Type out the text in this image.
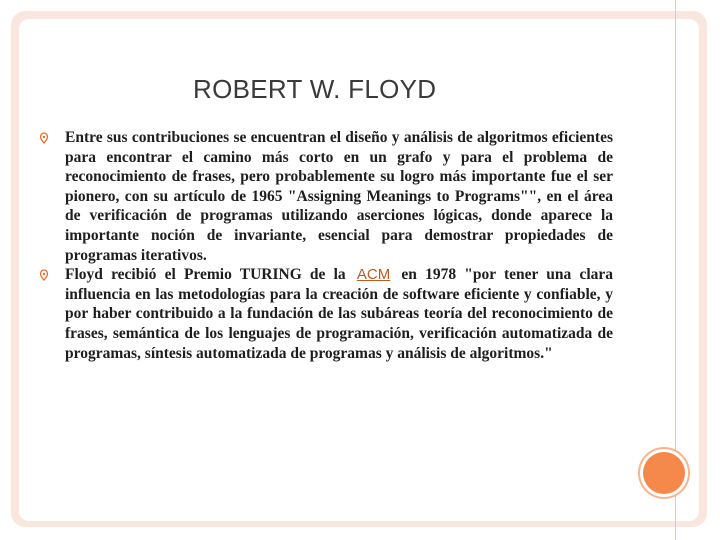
ROBERT W. FLOYD

Entre sus contribuciones se encuentran el diseño y análisis de algoritmos eficientes para encontrar el camino más corto en un grafo y para el problema de reconocimiento de frases, pero probablemente su logro más importante fue el ser pionero, con su artículo de 1965 "Assigning Meanings to Programs"", en el área de verificación de programas utilizando aserciones lógicas, donde aparece la importante noción de invariante, esencial para demostrar propiedades de programas iterativos.

Floyd recibió el Premio TURING de la ACM en 1978 "por tener una clara influencia en las metodologías para la creación de software eficiente y confiable, y por haber contribuido a la fundación de las subáreas teoría del reconocimiento de frases, semántica de los lenguajes de programación, verificación automatizada de programas, síntesis automatizada de programas y análisis de algoritmos."
